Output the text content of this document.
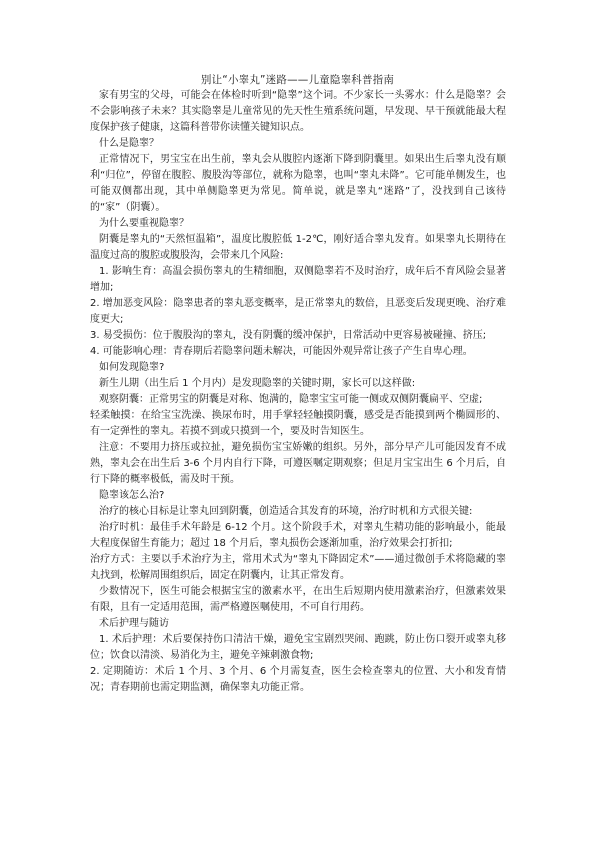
别让“小睾丸”迷路——儿童隐睾科普指南

家有男宝的父母，可能会在体检时听到“隐睾”这个词。不少家长一头雾水：什么是隐睾？会不会影响孩子未来？其实隐睾是儿童常见的先天性生殖系统问题，早发现、早干预就能最大程度保护孩子健康，这篇科普带你读懂关键知识点。

什么是隐睾？

正常情况下，男宝宝在出生前，睾丸会从腹腔内逐渐下降到阴囊里。如果出生后睾丸没有顺利“归位”，停留在腹腔、腹股沟等部位，就称为隐睾，也叫“睾丸未降”。它可能单侧发生，也可能双侧都出现，其中单侧隐睾更为常见。简单说，就是睾丸“迷路”了，没找到自己该待的“家”（阴囊）。

为什么要重视隐睾？

阴囊是睾丸的“天然恒温箱”，温度比腹腔低 1-2℃，刚好适合睾丸发育。如果睾丸长期待在温度过高的腹腔或腹股沟，会带来几个风险:

1. 影响生育：高温会损伤睾丸的生精细胞，双侧隐睾若不及时治疗，成年后不育风险会显著增加;

2. 增加恶变风险：隐睾患者的睾丸恶变概率，是正常睾丸的数倍，且恶变后发现更晚、治疗难度更大;

3. 易受损伤：位于腹股沟的睾丸，没有阴囊的缓冲保护，日常活动中更容易被碰撞、挤压;

4. 可能影响心理：青春期后若隐睾问题未解决，可能因外观异常让孩子产生自卑心理。

如何发现隐睾?

新生儿期（出生后 1 个月内）是发现隐睾的关键时期，家长可以这样做:

观察阴囊：正常男宝的阴囊是对称、饱满的，隐睾宝宝可能一侧或双侧阴囊扁平、空虚;

轻柔触摸：在给宝宝洗澡、换尿布时，用手掌轻轻触摸阴囊，感受是否能摸到两个椭圆形的、有一定弹性的睾丸。若摸不到或只摸到一个，要及时告知医生。

注意：不要用力挤压或拉扯，避免损伤宝宝娇嫩的组织。另外，部分早产儿可能因发育不成熟，睾丸会在出生后 3-6 个月内自行下降，可遵医嘱定期观察；但足月宝宝出生 6 个月后，自行下降的概率极低，需及时干预。

隐睾该怎么治?

治疗的核心目标是让睾丸回到阴囊，创造适合其发育的环境，治疗时机和方式很关键:

治疗时机：最佳手术年龄是 6-12 个月。这个阶段手术，对睾丸生精功能的影响最小，能最大程度保留生育能力；超过 18 个月后，睾丸损伤会逐渐加重，治疗效果会打折扣;

治疗方式：主要以手术治疗为主，常用术式为“睾丸下降固定术”——通过微创手术将隐藏的睾丸找到，松解周围组织后，固定在阴囊内，让其正常发育。

少数情况下，医生可能会根据宝宝的激素水平，在出生后短期内使用激素治疗，但激素效果有限，且有一定适用范围，需严格遵医嘱使用，不可自行用药。

术后护理与随访

1. 术后护理：术后要保持伤口清洁干燥，避免宝宝剧烈哭闹、跑跳，防止伤口裂开或睾丸移位；饮食以清淡、易消化为主，避免辛辣刺激食物;

2. 定期随访：术后 1 个月、3 个月、6 个月需复查，医生会检查睾丸的位置、大小和发育情况；青春期前也需定期监测，确保睾丸功能正常。
